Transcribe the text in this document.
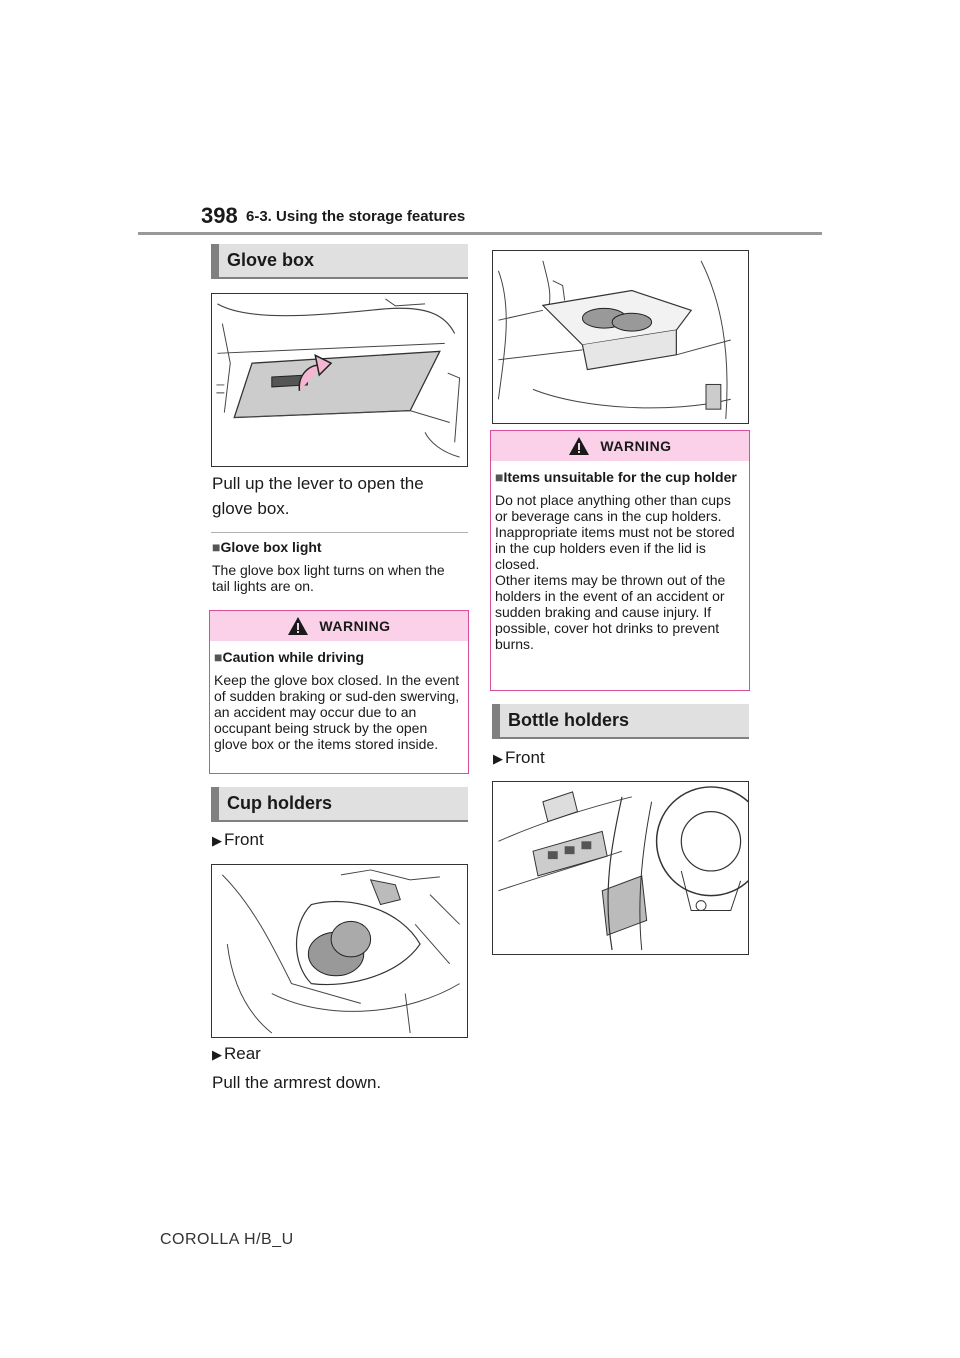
398 6-3. Using the storage features
Glove box
Pull up the lever to open the glove box.
■Glove box light
The glove box light turns on when the tail lights are on.
WARNING
■Caution while driving
Keep the glove box closed. In the event of sudden braking or sud-den swerving, an accident may occur due to an occupant being struck by the open glove box or the items stored inside.
Cup holders
▶ Front
▶ Rear
Pull the armrest down.
WARNING
■Items unsuitable for the cup holder
Do not place anything other than cups or beverage cans in the cup holders.
Inappropriate items must not be stored in the cup holders even if the lid is closed.
Other items may be thrown out of the holders in the event of an accident or sudden braking and cause injury. If possible, cover hot drinks to prevent burns.
Bottle holders
▶ Front
COROLLA H/B_U
